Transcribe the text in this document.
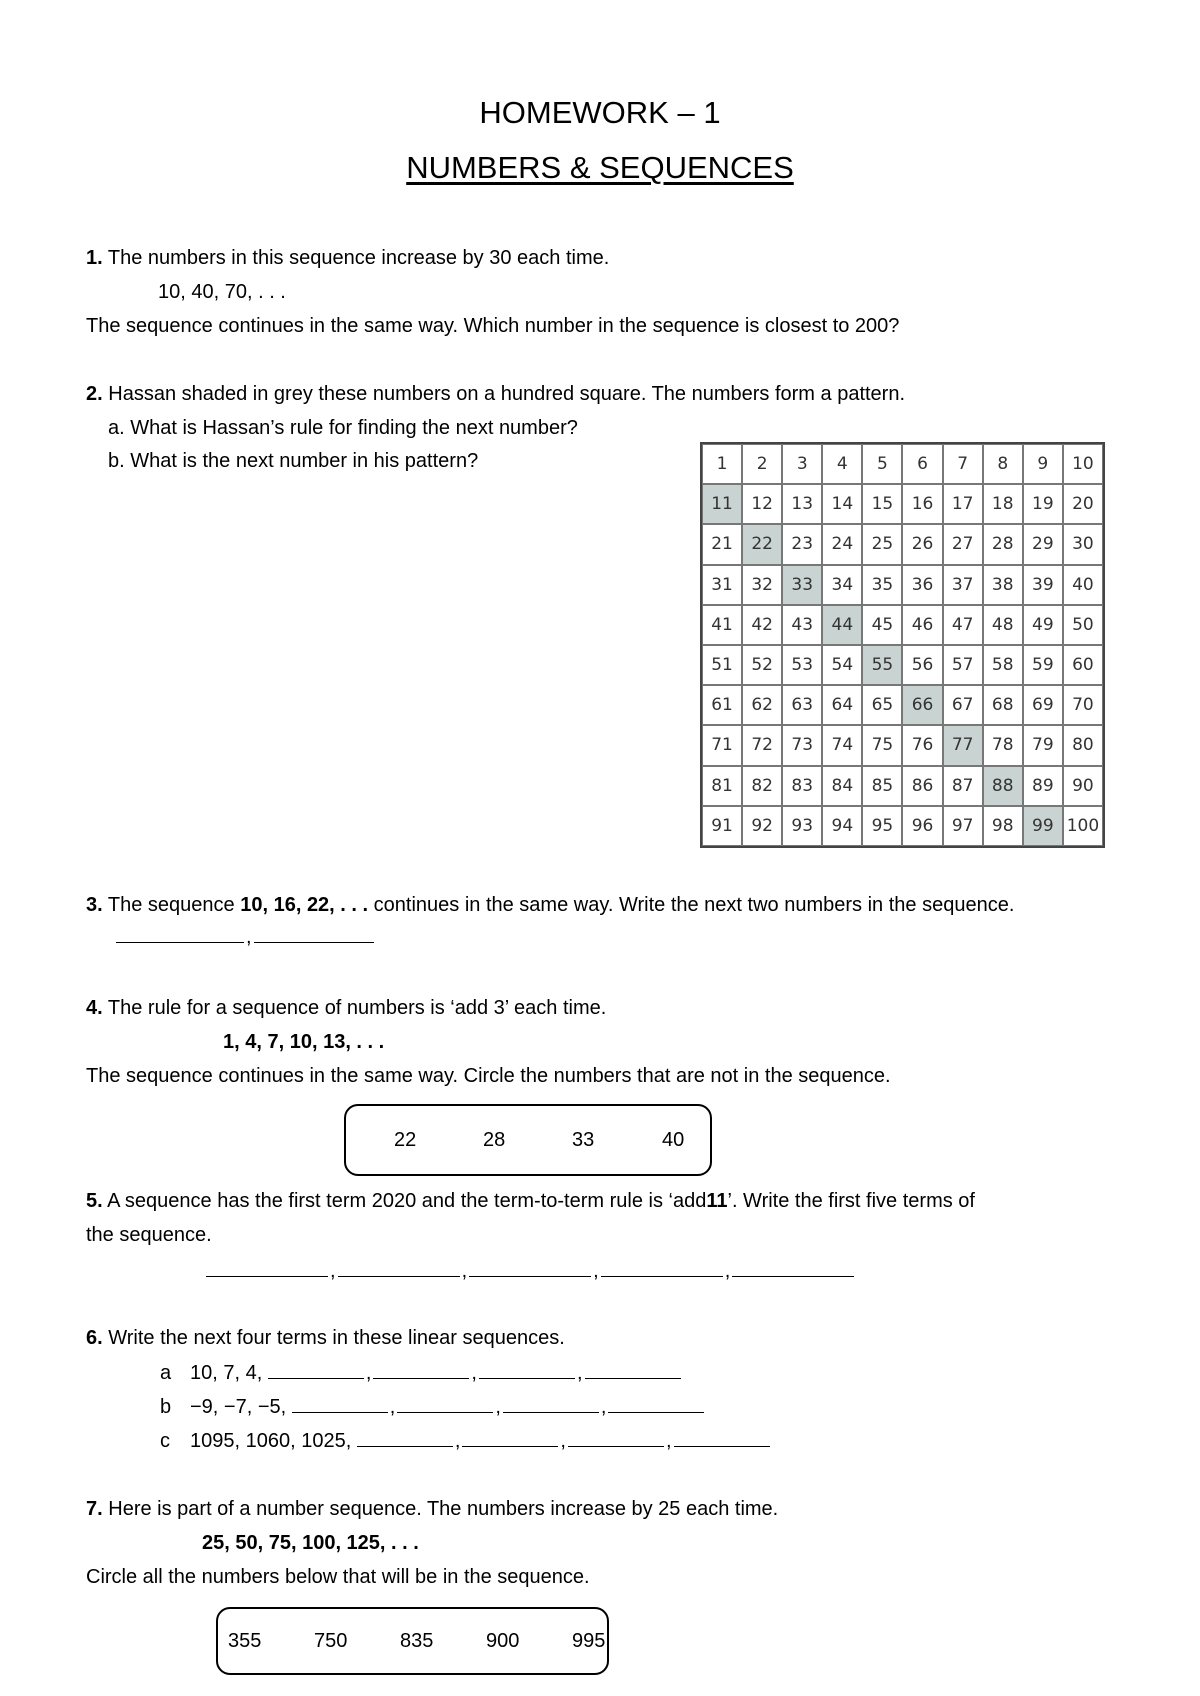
HOMEWORK – 1
NUMBERS & SEQUENCES
1. The numbers in this sequence increase by 30 each time.
10, 40, 70, . . .
The sequence continues in the same way. Which number in the sequence is closest to 200?
2. Hassan shaded in grey these numbers on a hundred square. The numbers form a pattern.
a. What is Hassan’s rule for finding the next number?
b. What is the next number in his pattern?	1	2	3	4	5	6	7	8	9	10
11	12	13	14	15	16	17	18	19	20
21	22	23	24	25	26	27	28	29	30
31	32	33	34	35	36	37	38	39	40
41	42	43	44	45	46	47	48	49	50
51	52	53	54	55	56	57	58	59	60
61	62	63	64	65	66	67	68	69	70
71	72	73	74	75	76	77	78	79	80
81	82	83	84	85	86	87	88	89	90
91	92	93	94	95	96	97	98	99 100
3. The sequence 10, 16, 22, . . . continues in the same way. Write the next two numbers in the sequence.
,
4. The rule for a sequence of numbers is ‘add 3’ each time.
1, 4, 7, 10, 13, . . .
The sequence continues in the same way. Circle the numbers that are not in the sequence.
22	28	33	40
5. A sequence has the first term 2020 and the term-to-term rule is ‘add11’. Write the first five terms of
the sequence.
,	,	,	,
6. Write the next four terms in these linear sequences.
a 10, 7, 4,	,	,	,
b −9, −7, −5,	,	,	,
c 1095, 1060, 1025,	,	,	,
7. Here is part of a number sequence. The numbers increase by 25 each time.
25, 50, 75, 100, 125, . . .
Circle all the numbers below that will be in the sequence.
355	750	835	900	995
